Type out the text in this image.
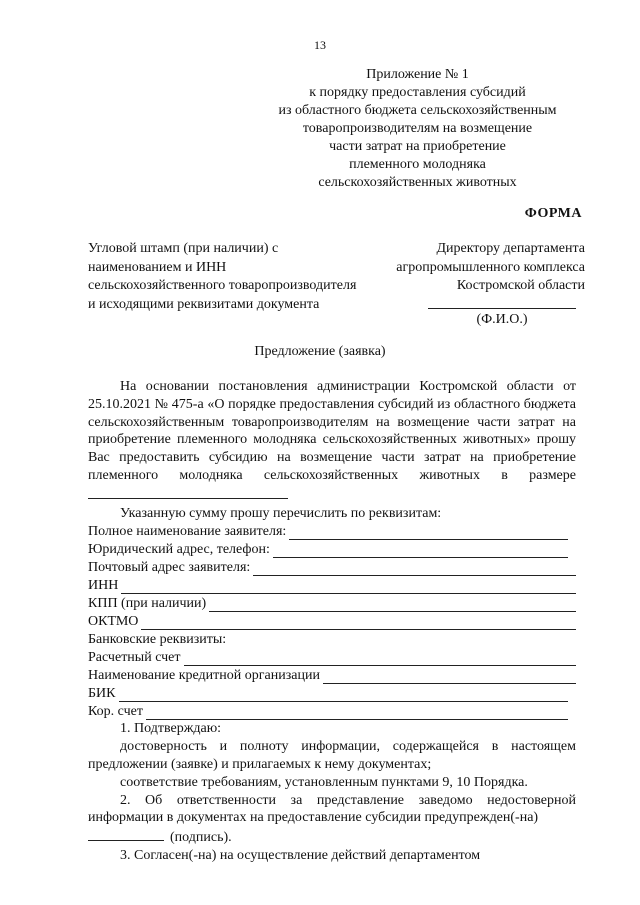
13
Приложение № 1
к порядку предоставления субсидий
из областного бюджета сельскохозяйственным
товаропроизводителям на возмещение
части затрат на приобретение
племенного молодняка
сельскохозяйственных животных
ФОРМА
Угловой штамп (при наличии) с наименованием и ИНН сельскохозяйственного товаропроизводителя и исходящими реквизитами документа
Директору департамента
агропромышленного комплекса
Костромской области
(Ф.И.О.)
Предложение (заявка)

На основании постановления администрации Костромской области от 25.10.2021 № 475-а «О порядке предоставления субсидий из областного бюджета сельскохозяйственным товаропроизводителям на возмещение части затрат на приобретение племенного молодняка сельскохозяйственных животных» прошу Вас предоставить субсидию на возмещение части затрат на приобретение племенного молодняка сельскохозяйственных животных в размере

Указанную сумму прошу перечислить по реквизитам:

Полное наименование заявителя:
Юридический адрес, телефон:
Почтовый адрес заявителя:
ИНН
КПП (при наличии)
ОКТМО
Банковские реквизиты:
Расчетный счет
Наименование кредитной организации
БИК
Кор. счет

1. Подтверждаю:

достоверность и полноту информации, содержащейся в настоящем предложении (заявке) и прилагаемых к нему документах;

соответствие требованиям, установленным пунктами 9, 10 Порядка.

2. Об ответственности за представление заведомо недостоверной информации в документах на предоставление субсидии предупрежден(-на)

(подпись).

3. Согласен(-на) на осуществление действий департаментом
